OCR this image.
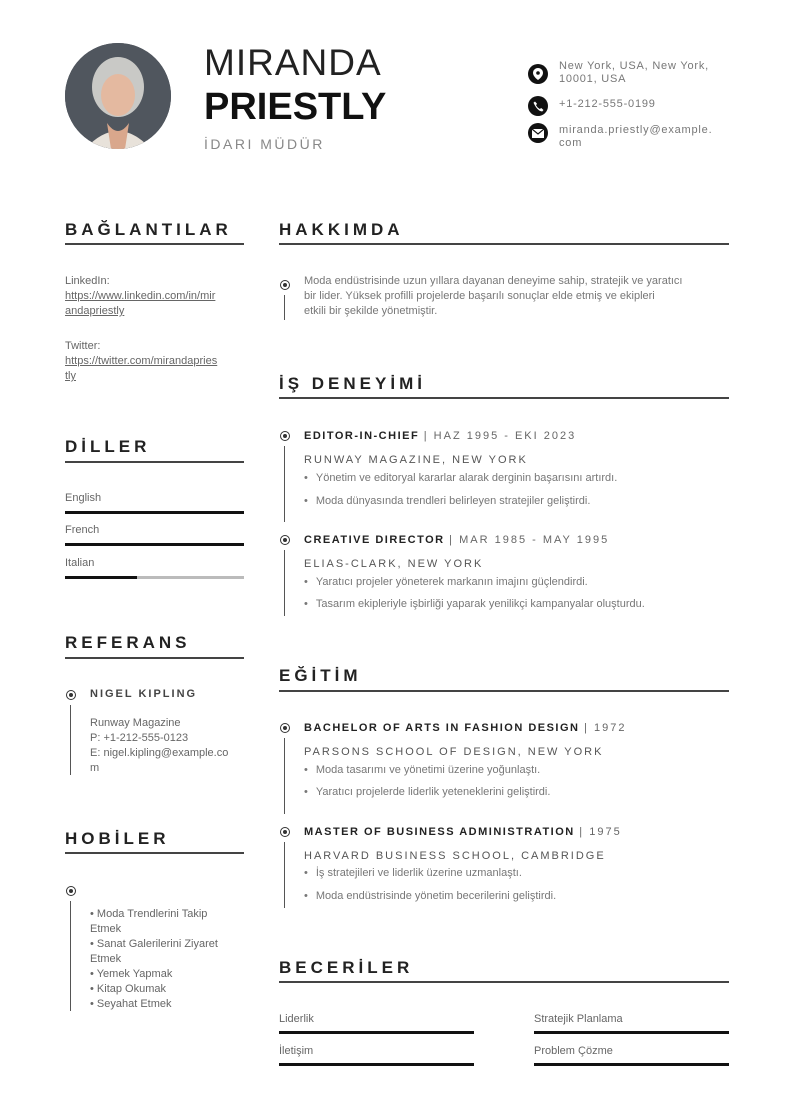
MIRANDA
PRIESTLY
İDARI MÜDÜR
New York, USA, New York,
10001, USA
+1-212-555-0199
miranda.priestly@example.
com
BAĞLANTILAR
LinkedIn:
https://www.linkedin.com/in/mir
andapriestly
Twitter:
https://twitter.com/mirandapries
tly
DİLLER
English
French
Italian
REFERANS
NIGEL KIPLING
Runway Magazine
P: +1-212-555-0123
E: nigel.kipling@example.co
m
HOBİLER
• Moda Trendlerini Takip
Etmek
• Sanat Galerilerini Ziyaret
Etmek
• Yemek Yapmak
• Kitap Okumak
• Seyahat Etmek
HAKKIMDA
Moda endüstrisinde uzun yıllara dayanan deneyime sahip, stratejik ve yaratıcı
bir lider. Yüksek profilli projelerde başarılı sonuçlar elde etmiş ve ekipleri
etkili bir şekilde yönetmiştir.
İŞ DENEYİMİ
EDITOR-IN-CHIEF | HAZ 1995 - EKI 2023
RUNWAY MAGAZINE, NEW YORK
• Yönetim ve editoryal kararlar alarak derginin başarısını artırdı.
• Moda dünyasında trendleri belirleyen stratejiler geliştirdi.
CREATIVE DIRECTOR | MAR 1985 - MAY 1995
ELIAS-CLARK, NEW YORK
• Yaratıcı projeler yöneterek markanın imajını güçlendirdi.
• Tasarım ekipleriyle işbirliği yaparak yenilikçi kampanyalar oluşturdu.
EĞİTİM
BACHELOR OF ARTS IN FASHION DESIGN | 1972
PARSONS SCHOOL OF DESIGN, NEW YORK
• Moda tasarımı ve yönetimi üzerine yoğunlaştı.
• Yaratıcı projelerde liderlik yeteneklerini geliştirdi.
MASTER OF BUSINESS ADMINISTRATION | 1975
HARVARD BUSINESS SCHOOL, CAMBRIDGE
• İş stratejileri ve liderlik üzerine uzmanlaştı.
• Moda endüstrisinde yönetim becerilerini geliştirdi.
BECERİLER
Liderlik	Stratejik Planlama
İletişim	Problem Çözme
